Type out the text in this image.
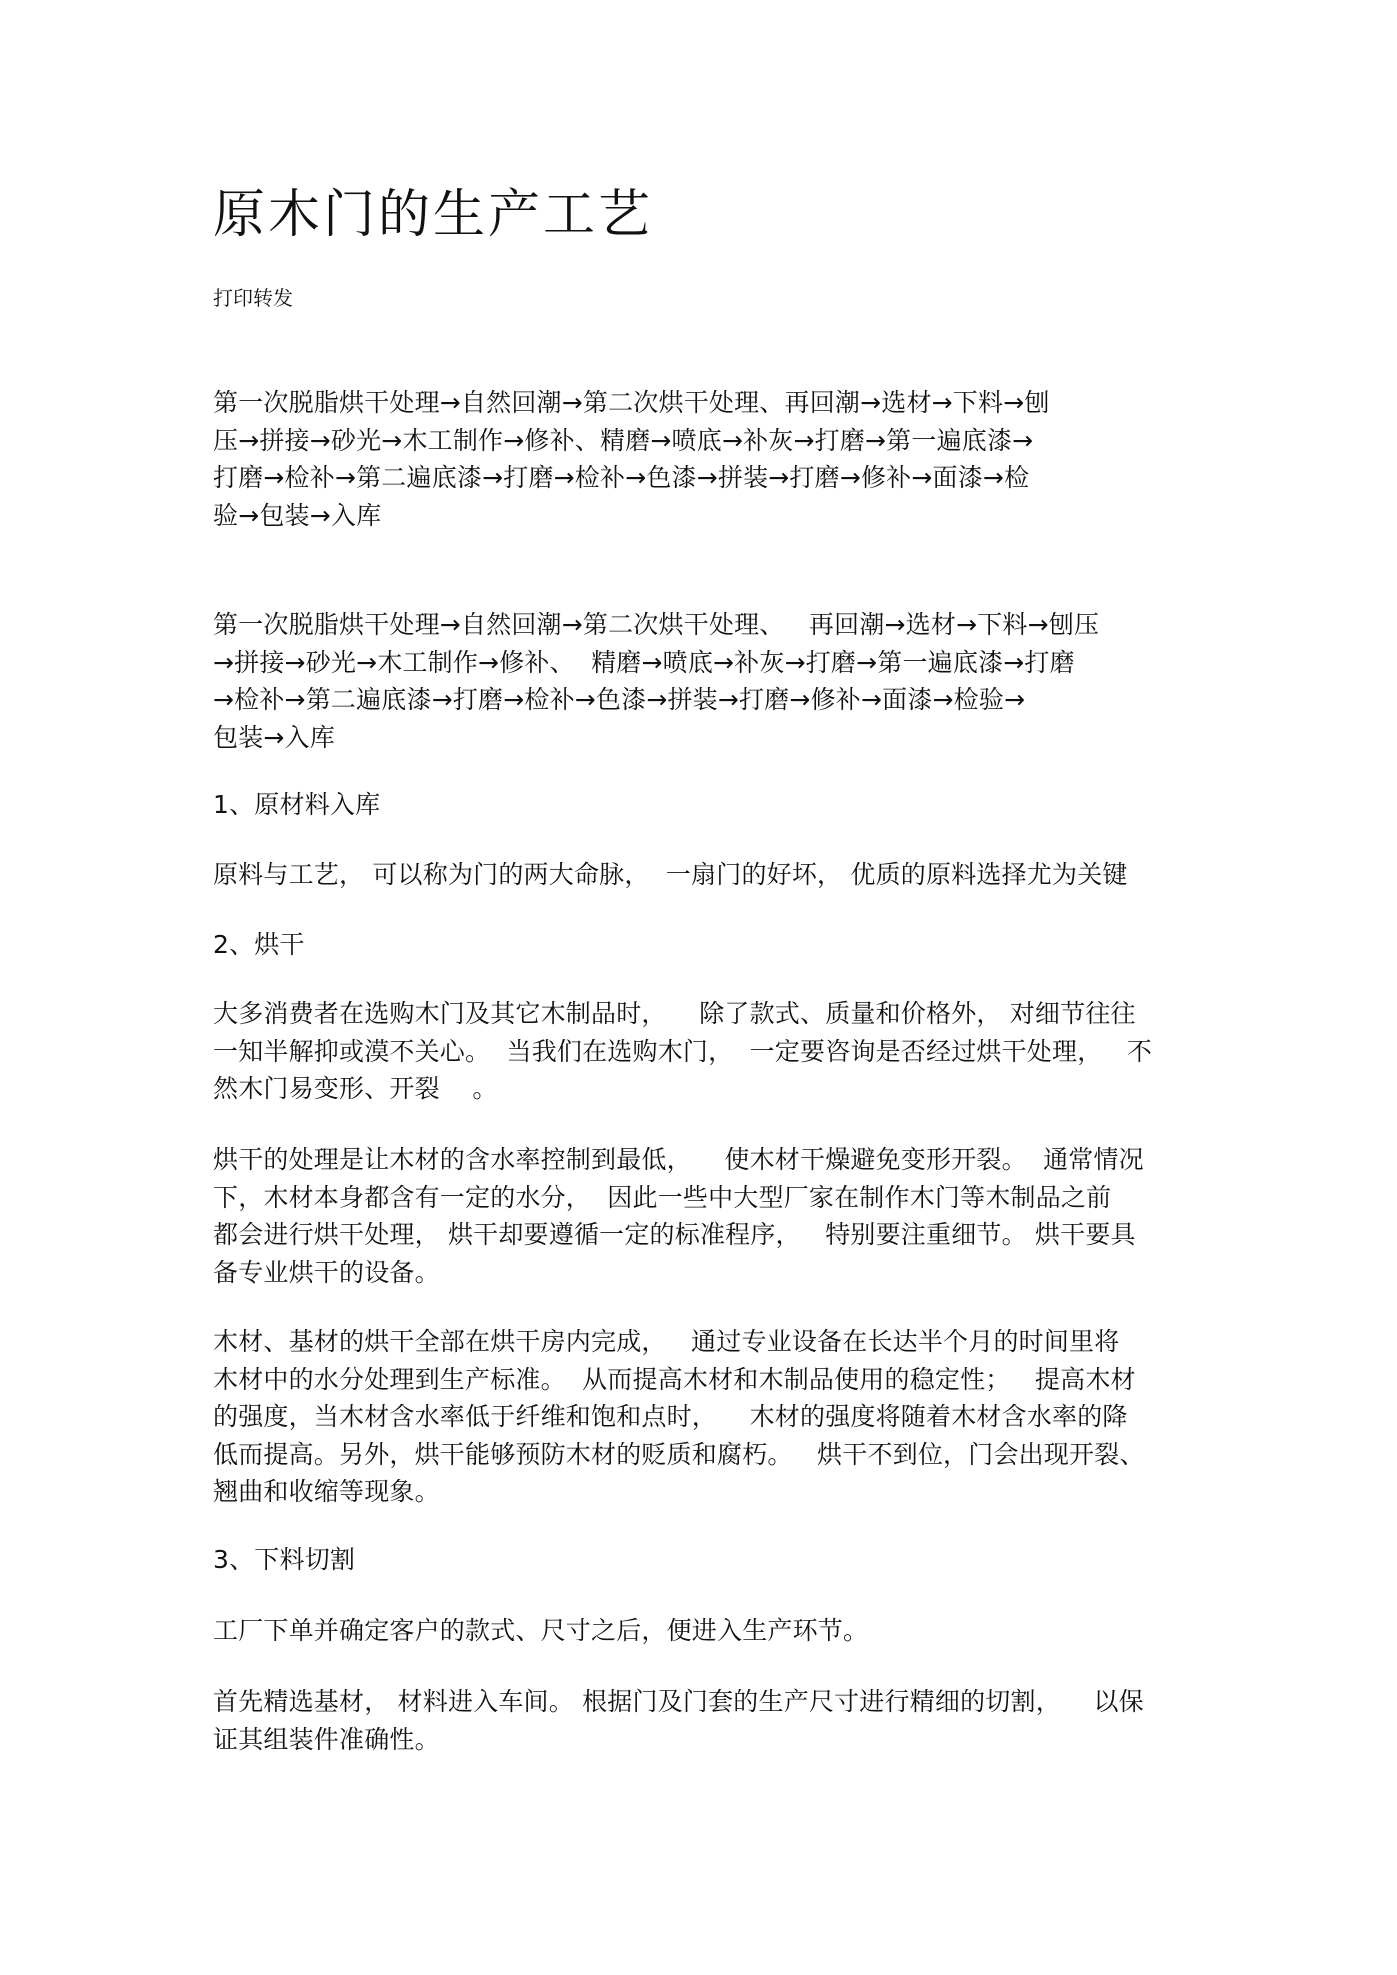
原木门的生产工艺
打印转发
第一次脱脂烘干处理→自然回潮→第二次烘干处理、再回潮→选材→下料→刨
压→拼接→砂光→木工制作→修补、精磨→喷底→补灰→打磨→第一遍底漆→
打磨→检补→第二遍底漆→打磨→检补→色漆→拼装→打磨→修补→面漆→检
验→包装→入库
第一次脱脂烘干处理→自然回潮→第二次烘干处理、   再回潮→选材→下料→刨压
→拼接→砂光→木工制作→修补、  精磨→喷底→补灰→打磨→第一遍底漆→打磨
→检补→第二遍底漆→打磨→检补→色漆→拼装→打磨→修补→面漆→检验→
包装→入库
1、原材料入库
原料与工艺， 可以称为门的两大命脉，  一扇门的好坏， 优质的原料选择尤为关键
2、烘干
大多消费者在选购木门及其它木制品时，    除了款式、质量和价格外， 对细节往往
一知半解抑或漠不关心。  当我们在选购木门，  一定要咨询是否经过烘干处理，   不
然木门易变形、开裂    。
烘干的处理是让木材的含水率控制到最低，    使木材干燥避免变形开裂。  通常情况
下，木材本身都含有一定的水分，  因此一些中大型厂家在制作木门等木制品之前
都会进行烘干处理， 烘干却要遵循一定的标准程序，   特别要注重细节。 烘干要具
备专业烘干的设备。
木材、基材的烘干全部在烘干房内完成，   通过专业设备在长达半个月的时间里将
木材中的水分处理到生产标准。  从而提高木材和木制品使用的稳定性；   提高木材
的强度，当木材含水率低于纤维和饱和点时，    木材的强度将随着木材含水率的降
低而提高。另外，烘干能够预防木材的贬质和腐朽。   烘干不到位，门会出现开裂、
翘曲和收缩等现象。
3、下料切割
工厂下单并确定客户的款式、尺寸之后，便进入生产环节。
首先精选基材， 材料进入车间。 根据门及门套的生产尺寸进行精细的切割，    以保
证其组装件准确性。
